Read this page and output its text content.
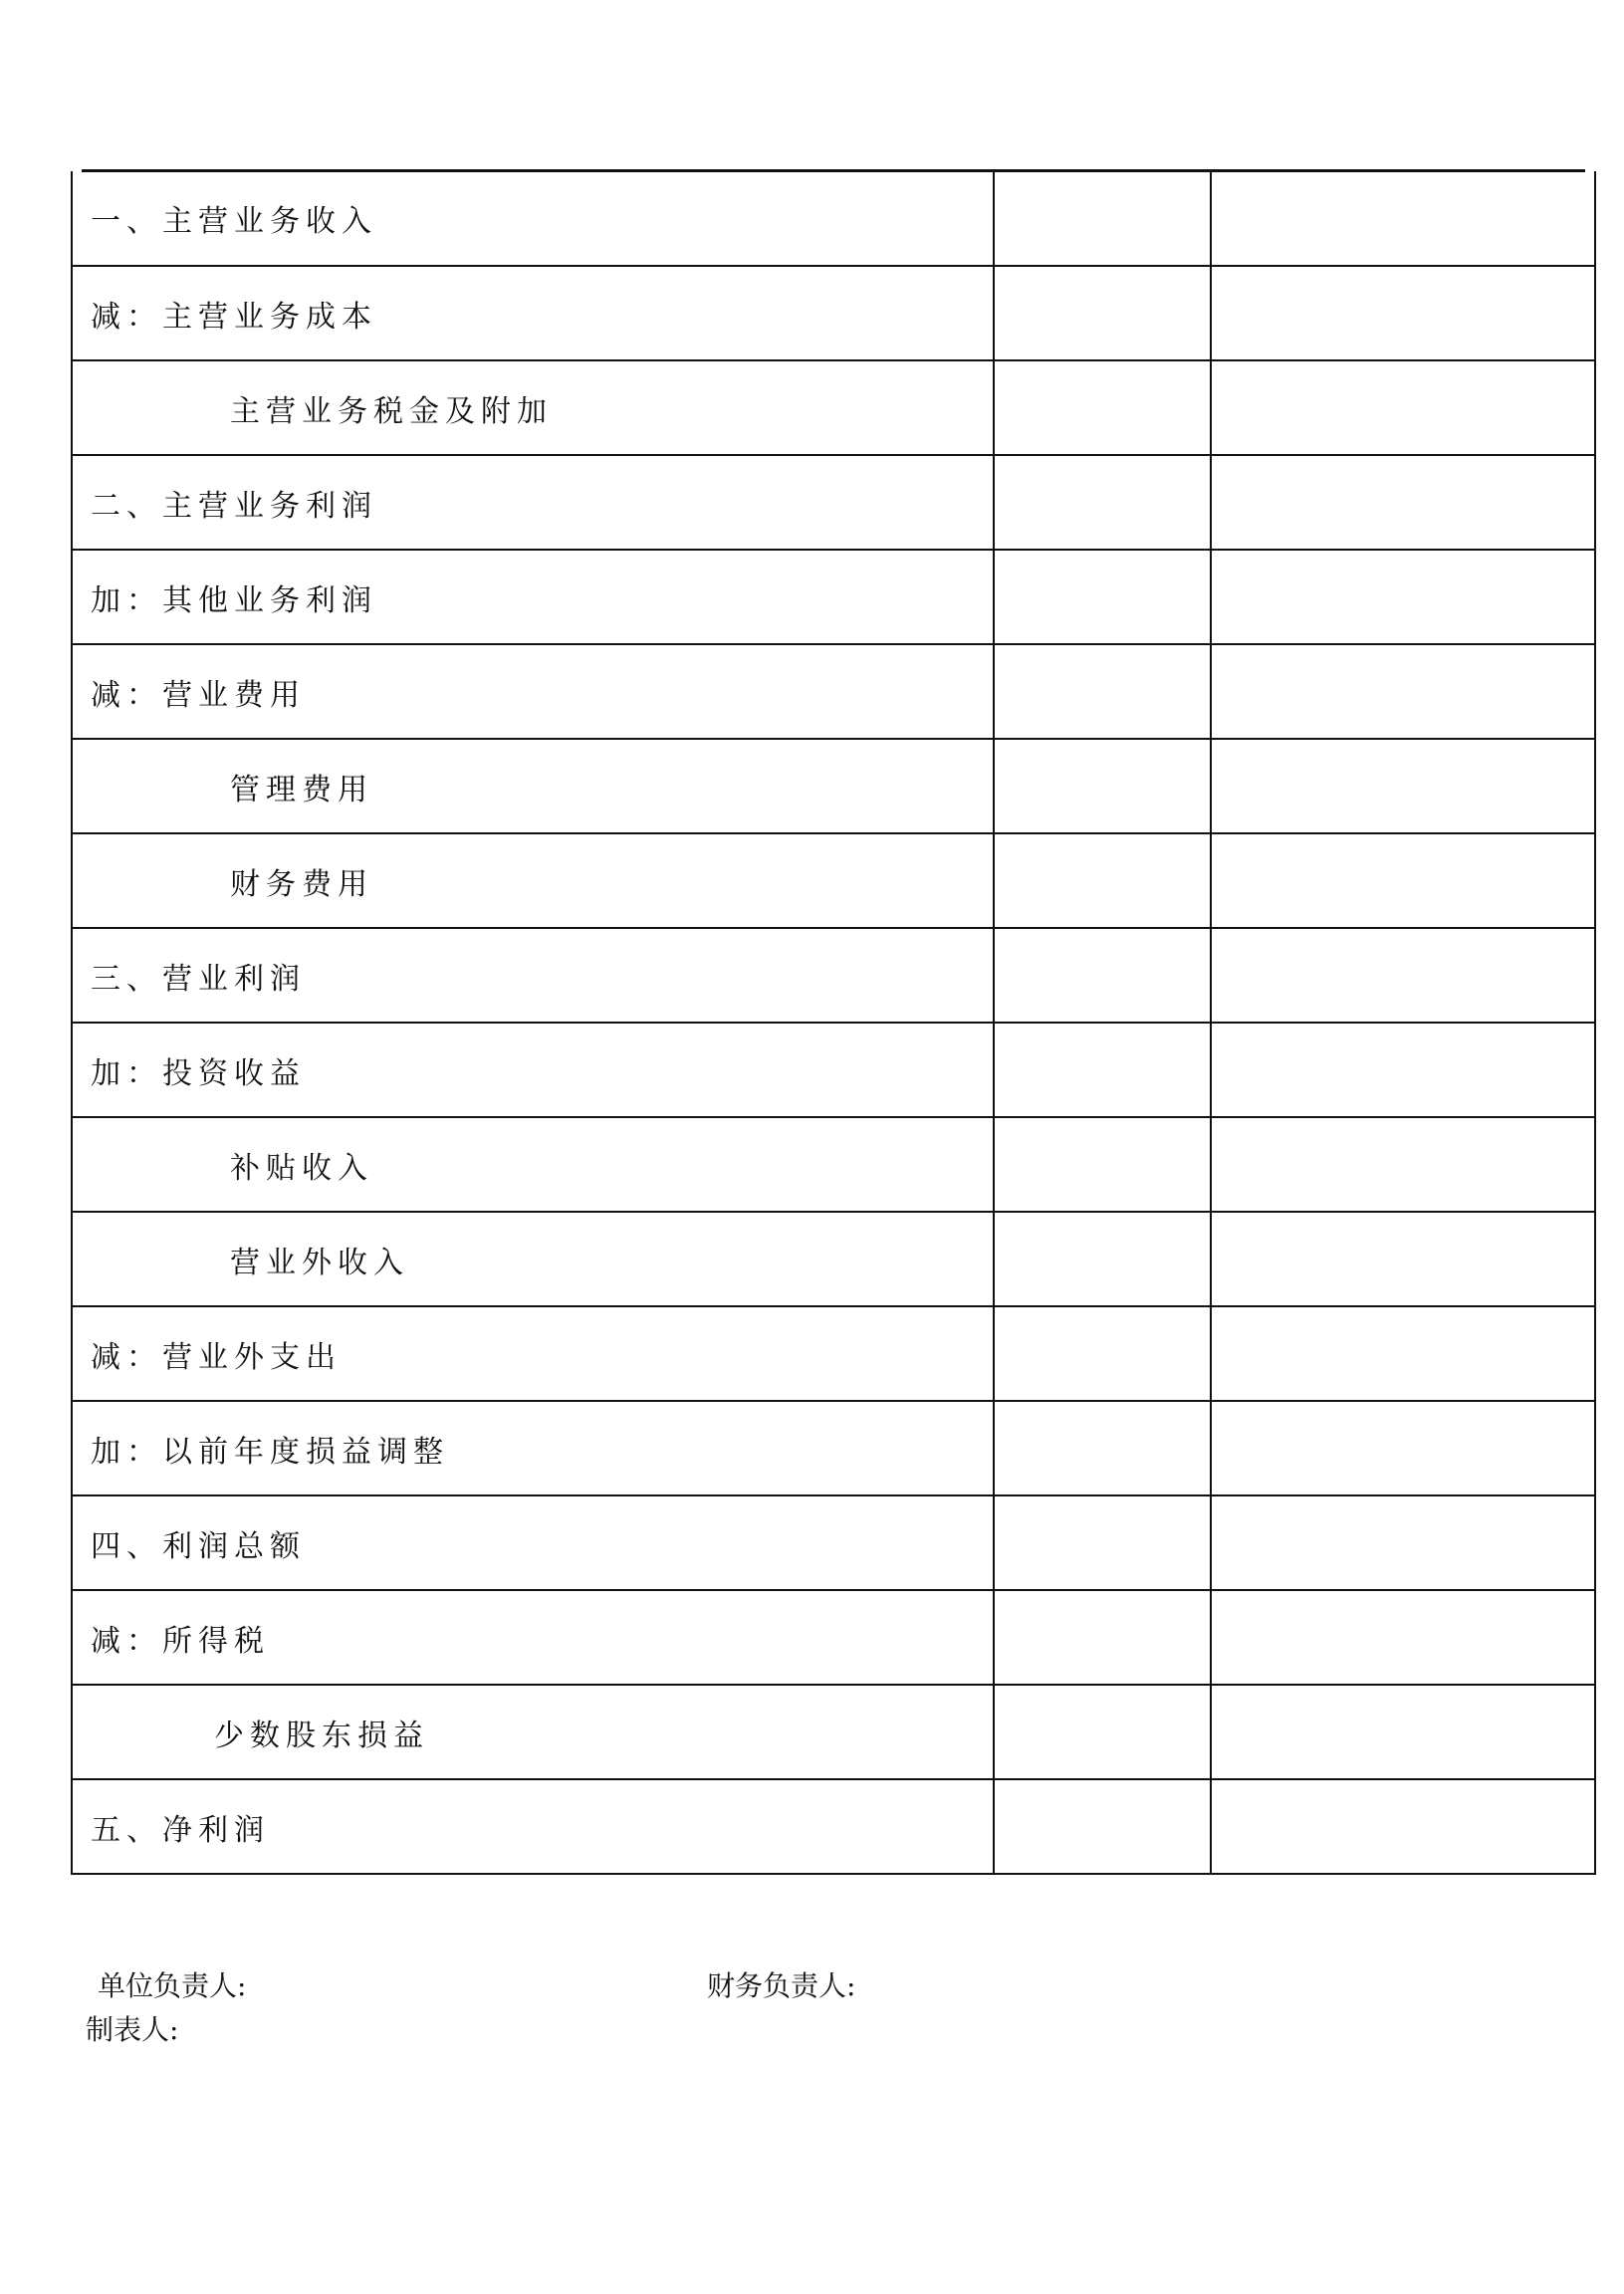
一、主营业务收入		
减：主营业务成本		
主营业务税金及附加		
二、主营业务利润		
加：其他业务利润		
减：营业费用		
管理费用		
财务费用		
三、营业利润		
加：投资收益		
补贴收入		
营业外收入		
减：营业外支出		
加：以前年度损益调整		
四、利润总额		
减：所得税		
少数股东损益		
五、净利润		
单位负责人:	财务负责人:
制表人:
